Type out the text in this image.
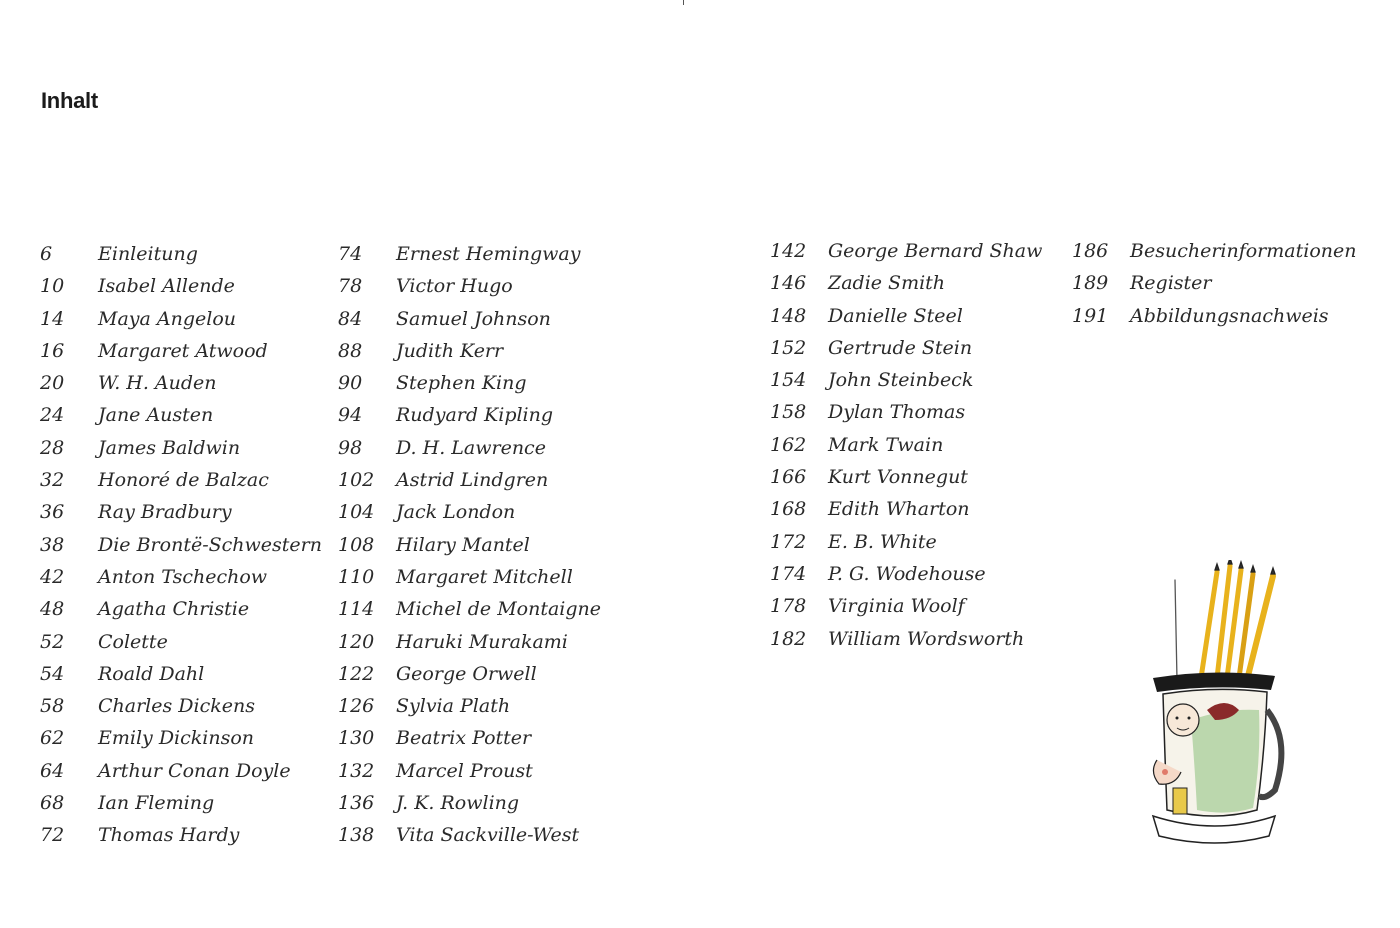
Inhalt
6	Einleitung
10	Isabel Allende
14	Maya Angelou
16	Margaret Atwood
20	W. H. Auden
24	Jane Austen
28	James Baldwin
32	Honoré de Balzac
36	Ray Bradbury
38	Die Brontë-Schwestern
42	Anton Tschechow
48	Agatha Christie
52	Colette
54	Roald Dahl
58	Charles Dickens
62	Emily Dickinson
64	Arthur Conan Doyle
68	Ian Fleming
72	Thomas Hardy
74	Ernest Hemingway
78	Victor Hugo
84	Samuel Johnson
88	Judith Kerr
90	Stephen King
94	Rudyard Kipling
98	D. H. Lawrence
102	Astrid Lindgren
104	Jack London
108	Hilary Mantel
110	Margaret Mitchell
114	Michel de Montaigne
120	Haruki Murakami
122	George Orwell
126	Sylvia Plath
130	Beatrix Potter
132	Marcel Proust
136	J. K. Rowling
138	Vita Sackville-West
142	George Bernard Shaw
146	Zadie Smith
148	Danielle Steel
152	Gertrude Stein
154	John Steinbeck
158	Dylan Thomas
162	Mark Twain
166	Kurt Vonnegut
168	Edith Wharton
172	E. B. White
174	P. G. Wodehouse
178	Virginia Woolf
182	William Wordsworth
186	Besucherinformationen
189	Register
191	Abbildungsnachweis
